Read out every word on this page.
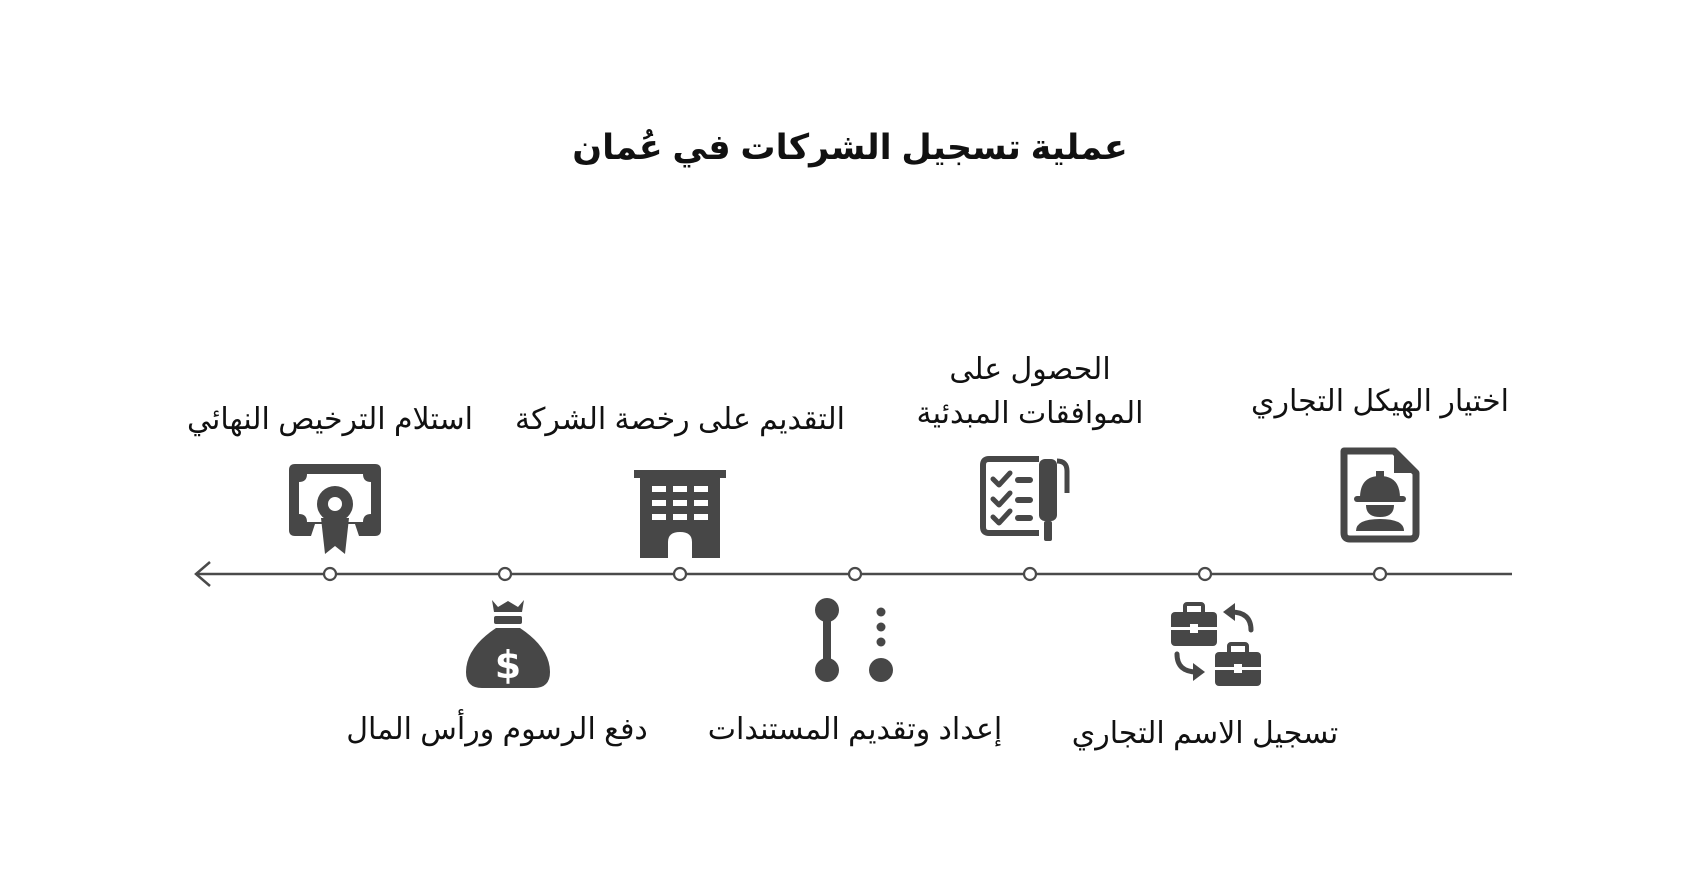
عملية تسجيل الشركات في عُمان
اختيار الهيكل التجاري
تسجيل الاسم التجاري
الحصول على
الموافقات المبدئية
إعداد وتقديم المستندات
التقديم على رخصة الشركة
$
دفع الرسوم ورأس المال
استلام الترخيص النهائي
